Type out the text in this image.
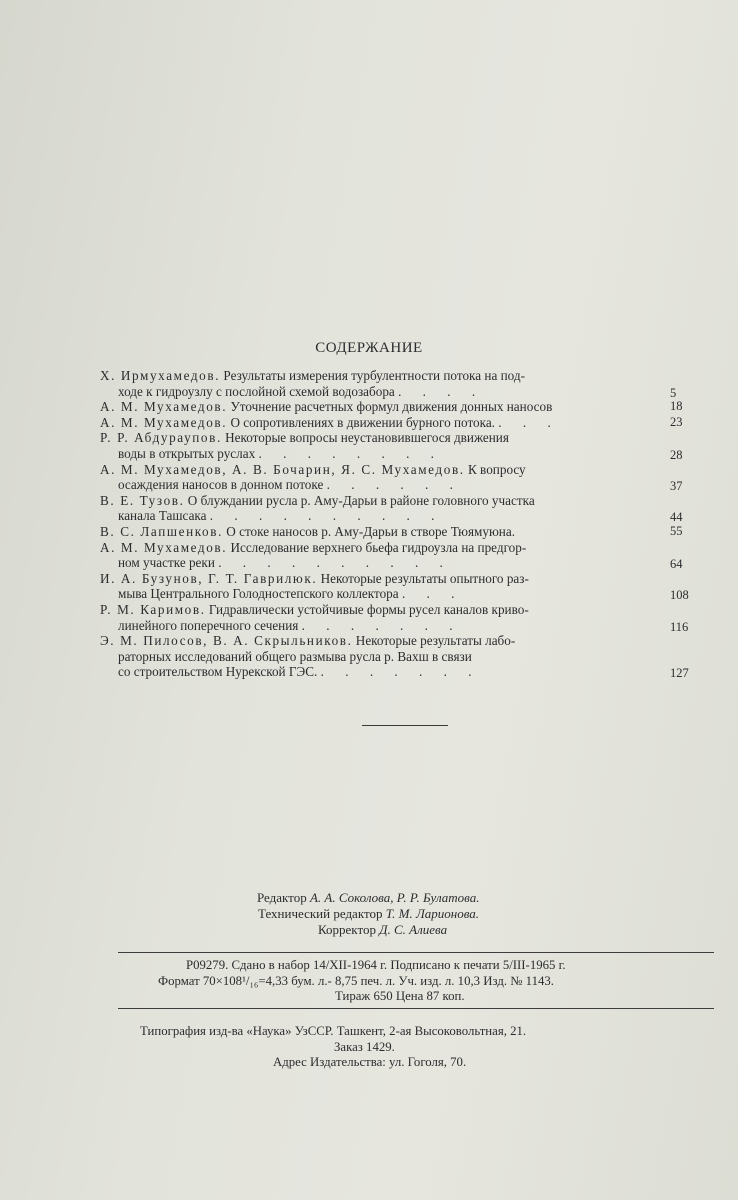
СОДЕРЖАНИЕ
Х. Ирмухамедов. Результаты измерения турбулентности потока на под-
ходе к гидроузлу с послойной схемой водозабора . . . .	5
А. М. Мухамедов. Уточнение расчетных формул движения донных наносов	18
А. М. Мухамедов. О сопротивлениях в движении бурного потока. . . .	23
Р. Р. Абдураупов. Некоторые вопросы неустановившегося движения
воды в открытых руслах . . . . . . . .	28
А. М. Мухамедов, А. В. Бочарин, Я. С. Мухамедов. К вопросу
осаждения наносов в донном потоке . . . . . .	37
В. Е. Тузов. О блуждании русла р. Аму-Дарьи в районе головного участка
канала Ташсака . . . . . . . . . .	44
В. С. Лапшенков. О стоке наносов р. Аму-Дарьи в створе Тюямуюна.	55
А. М. Мухамедов. Исследование верхнего бьефа гидроузла на предгор-
ном участке реки . . . . . . . . . .	64
И. А. Бузунов, Г. Т. Гаврилюк. Некоторые результаты опытного раз-
мыва Центрального Голодностепского коллектора . . .	108
Р. М. Каримов. Гидравлически устойчивые формы русел каналов криво-
линейного поперечного сечения . . . . . . .	116
Э. М. Пилосов, В. А. Скрыльников. Некоторые результаты лабо-
раторных исследований общего размыва русла р. Вахш в связи
со строительством Нурекской ГЭС. . . . . . . .	127
Редактор А. А. Соколова, Р. Р. Булатова.
Технический редактор Т. М. Ларионова.
Корректор Д. С. Алиева
Р09279. Сдано в набор 14/XII-1964 г. Подписано к печати 5/III-1965 г.
Формат 70×108¹/₁₆=4,33 бум. л.- 8,75 печ. л. Уч. изд. л. 10,3 Изд. № 1143.
Тираж 650 Цена 87 коп.
Типография изд-ва «Наука» УзССР. Ташкент, 2-ая Высоковольтная, 21.
Заказ 1429.
Адрес Издательства: ул. Гоголя, 70.
